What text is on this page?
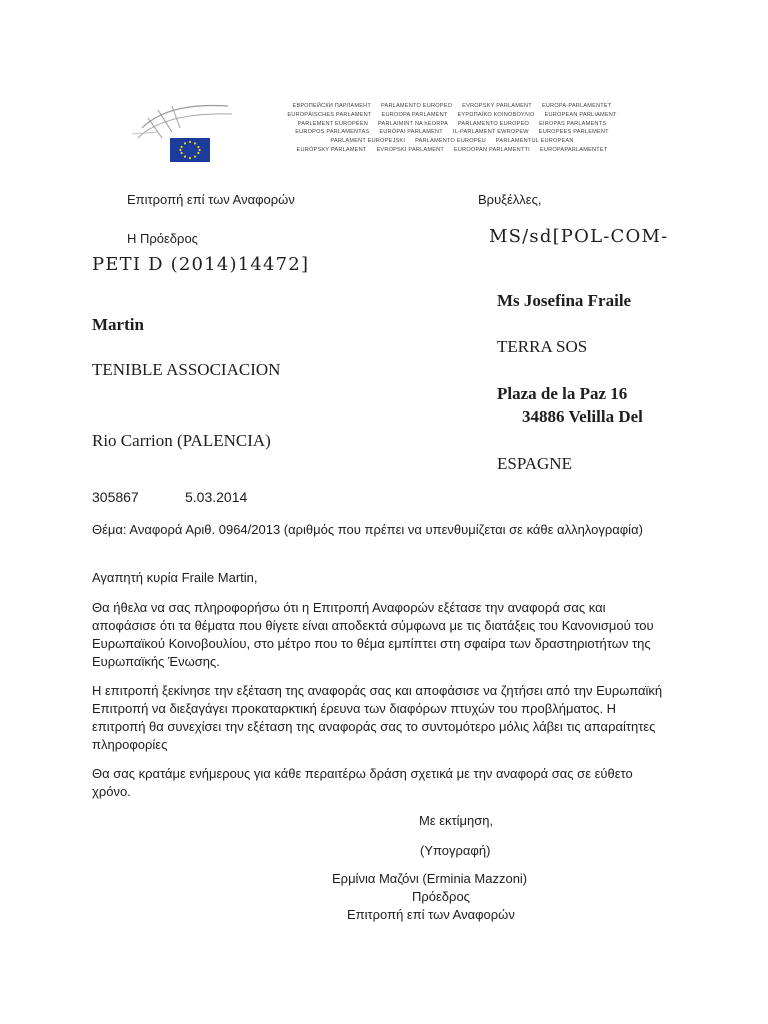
ЕВРОПЕЙСКИ ПАРЛАМЕНТ PARLAMENTO EUROPEO EVROPSKÝ PARLAMENT EUROPA-PARLAMENTET
EUROPÄISCHES PARLAMENT EUROOPA PARLAMENT ΕΥΡΩΠΑΪΚΟ ΚΟΙΝΟΒΟΥΛΙΟ EUROPEAN PARLIAMENT
PARLEMENT EUROPÉEN PARLAIMINT NA hEORPA PARLAMENTO EUROPEO EIROPAS PARLAMENTS
EUROPOS PARLAMENTAS EURÓPAI PARLAMENT IL-PARLAMENT EWROPEW EUROPEES PARLEMENT
PARLAMENT EUROPEJSKI PARLAMENTO EUROPEU PARLAMENTUL EUROPEAN
EURÓPSKY PARLAMENT EVROPSKI PARLAMENT EUROOPAN PARLAMENTTI EUROPAPARLAMENTET
Επιτροπή επί των Αναφορών	Βρυξέλλες,
Η Πρόεδρος	MS/sd[POL-COM-
PETI D (2014)14472]
Ms Josefina Fraile
Martin
TERRA SOS
TENIBLE ASSOCIACION
Plaza de la Paz 16
34886 Velilla Del
Rio Carrion (PALENCIA)
ESPAGNE
305867	5.03.2014
Θέμα: Αναφορά Αριθ. 0964/2013 (αριθμός που πρέπει να υπενθυμίζεται σε κάθε αλληλογραφία)
Αγαπητή κυρία Fraile Martin,
Θα ήθελα να σας πληροφορήσω ότι η Επιτροπή Αναφορών εξέτασε την αναφορά σας και αποφάσισε ότι τα θέματα που θίγετε είναι αποδεκτά σύμφωνα με τις διατάξεις του Κανονισμού του Ευρωπαϊκού Κοινοβουλίου, στο μέτρο που το θέμα εμπίπτει στη σφαίρα των δραστηριοτήτων της Ευρωπαϊκής Ένωσης.
Η επιτροπή ξεκίνησε την εξέταση της αναφοράς σας και αποφάσισε να ζητήσει από την Ευρωπαϊκή Επιτροπή να διεξαγάγει προκαταρκτική έρευνα των διαφόρων πτυχών του προβλήματος. Η επιτροπή θα συνεχίσει την εξέταση της αναφοράς σας το συντομότερο μόλις λάβει τις απαραίτητες πληροφορίες
Θα σας κρατάμε ενήμερους για κάθε περαιτέρω δράση σχετικά με την αναφορά σας σε εύθετο χρόνο.
Με εκτίμηση,
(Υπογραφή)
Ερμίνια Μαζόνι (Erminia Mazzoni)
Πρόεδρος
Επιτροπή επί των Αναφορών
